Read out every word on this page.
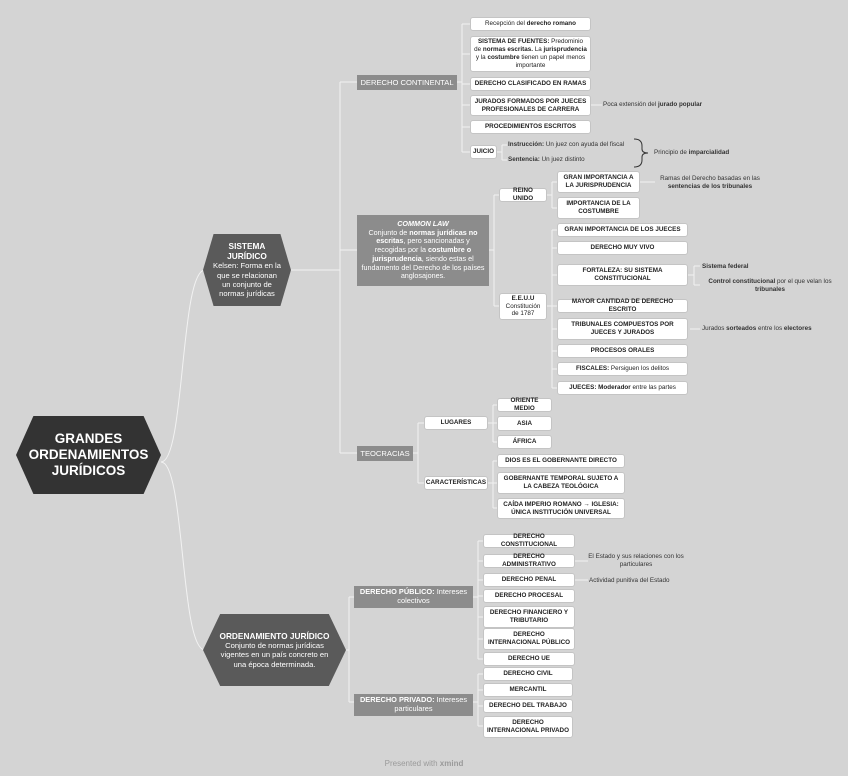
GRANDES ORDENAMIENTOS JURÍDICOS
SISTEMA JURÍDICO
Kelsen: Forma en la que se relacionan un conjunto de normas jurídicas
ORDENAMIENTO JURÍDICO
Conjunto de normas jurídicas vigentes en un país concreto en una época determinada.
DERECHO CONTINENTAL
Recepción del derecho romano
SISTEMA DE FUENTES: Predominio de normas escritas. La jurisprudencia y la costumbre tienen un papel menos importante
DERECHO CLASIFICADO EN RAMAS
JURADOS FORMADOS POR JUECES PROFESIONALES DE CARRERA
Poca extensión del jurado popular
PROCEDIMIENTOS ESCRITOS
JUICIO
Instrucción: Un juez con ayuda del fiscal
Sentencia: Un juez distinto
Principio de imparcialidad
COMMON LAW
Conjunto de normas jurídicas no escritas, pero sancionadas y recogidas por la costumbre o jurisprudencia, siendo estas el fundamento del Derecho de los países anglosajones.
REINO UNIDO
GRAN IMPORTANCIA A LA JURISPRUDENCIA
Ramas del Derecho basadas en las sentencias de los tribunales
IMPORTANCIA DE LA COSTUMBRE
E.E.U.U
Constitución de 1787
GRAN IMPORTANCIA DE LOS JUECES
DERECHO MUY VIVO
FORTALEZA: SU SISTEMA CONSTITUCIONAL
Sistema federal
Control constitucional por el que velan los tribunales
MAYOR CANTIDAD DE DERECHO ESCRITO
TRIBUNALES COMPUESTOS POR JUECES Y JURADOS
Jurados sorteados entre los electores
PROCESOS ORALES
FISCALES: Persiguen los delitos
JUECES: Moderador entre las partes
TEOCRACIAS
LUGARES
ORIENTE MEDIO
ASIA
ÁFRICA
CARACTERÍSTICAS
DIOS ES EL GOBERNANTE DIRECTO
GOBERNANTE TEMPORAL SUJETO A LA CABEZA TEOLÓGICA
CAÍDA IMPERIO ROMANO → IGLESIA: ÚNICA INSTITUCIÓN UNIVERSAL
DERECHO PÚBLICO: Intereses colectivos
DERECHO CONSTITUCIONAL
DERECHO ADMINISTRATIVO
El Estado y sus relaciones con los particulares
DERECHO PENAL	Actividad punitiva del Estado
DERECHO PROCESAL
DERECHO FINANCIERO Y TRIBUTARIO
DERECHO INTERNACIONAL PÚBLICO
DERECHO UE
DERECHO PRIVADO: Intereses particulares
DERECHO CIVIL
MERCANTIL
DERECHO DEL TRABAJO
DERECHO INTERNACIONAL PRIVADO
Presented with xmind
